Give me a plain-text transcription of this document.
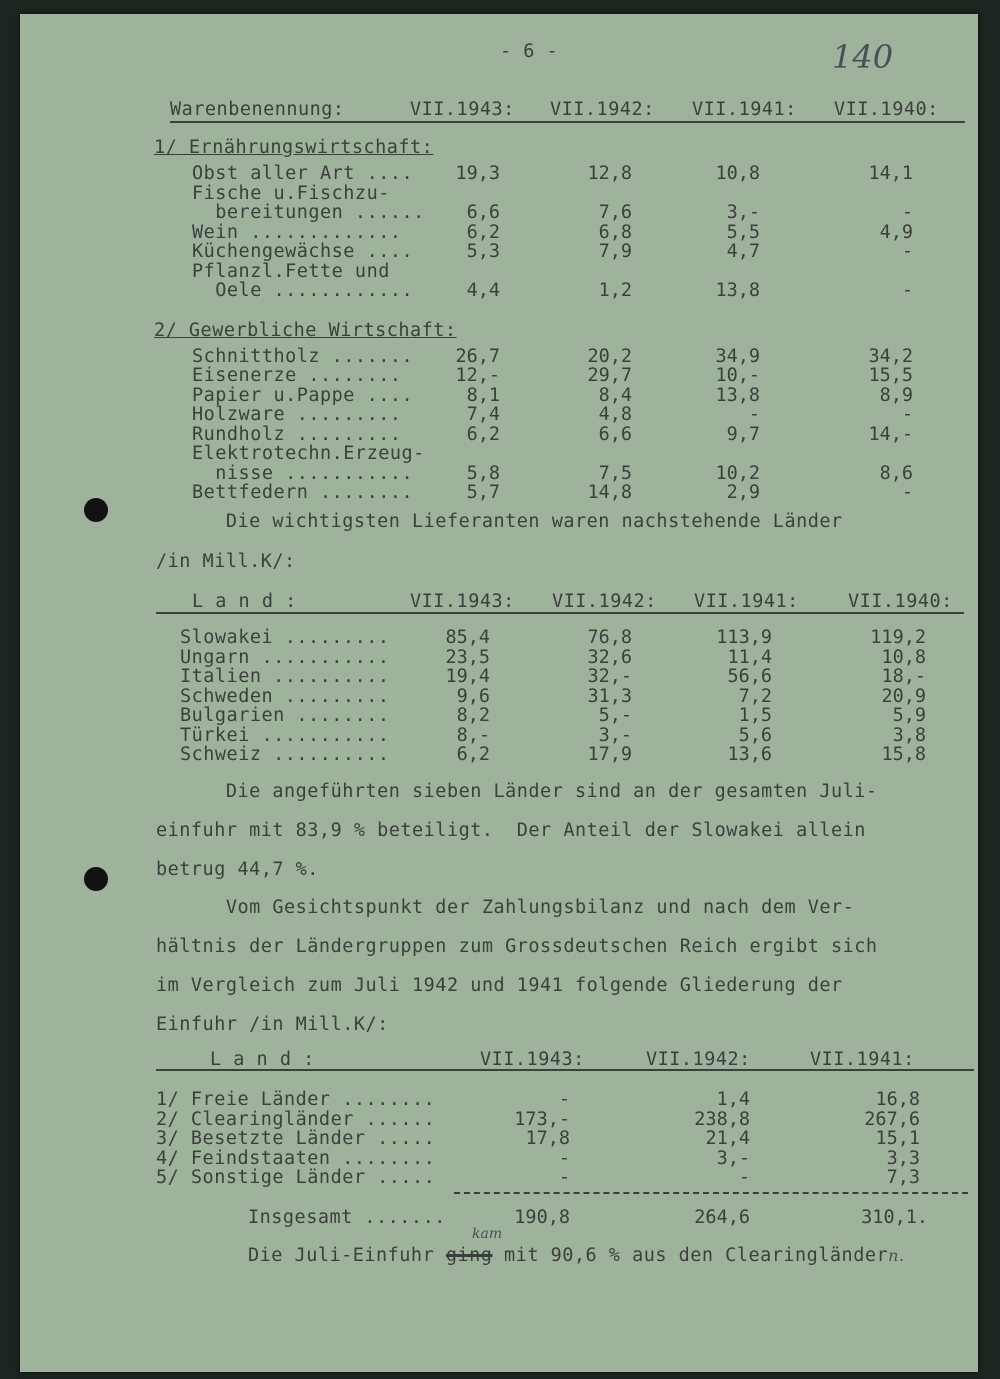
- 6 -	140
Warenbenennung:	VII.1943: VII.1942: VII.1941: VII.1940:
1/ Ernährungswirtschaft:
Obst aller Art ....	19,3	12,8	10,8	14,1
Fische u.Fischzu-
bereitungen ......	6,6	7,6	3,-	-
Wein .............	6,2	6,8	5,5	4,9
Küchengewächse ....	5,3	7,9	4,7	-
Pflanzl.Fette und
Oele ............	4,4	1,2	13,8	-
2/ Gewerbliche Wirtschaft:
Schnittholz .......	26,7	20,2	34,9	34,2
Eisenerze ........	12,-	29,7	10,-	15,5
Papier u.Pappe ....	8,1	8,4	13,8	8,9
Holzware .........	7,4	4,8	-	-
Rundholz .........	6,2	6,6	9,7	14,-
Elektrotechn.Erzeug-
nisse ...........	5,8	7,5	10,2	8,6
Bettfedern ........	5,7	14,8	2,9	-
Die wichtigsten Lieferanten waren nachstehende Länder
/in Mill.K/:
L a n d :	VII.1943: VII.1942: VII.1941:	VII.1940:
Slowakei .........	85,4	76,8	113,9	119,2
Ungarn ...........	23,5	32,6	11,4	10,8
Italien ..........	19,4	32,-	56,6	18,-
Schweden .........	9,6	31,3	7,2	20,9
Bulgarien ........	8,2	5,-	1,5	5,9
Türkei ...........	8,-	3,-	5,6	3,8
Schweiz ..........	6,2	17,9	13,6	15,8
Die angeführten sieben Länder sind an der gesamten Juli-
einfuhr mit 83,9 % beteiligt.  Der Anteil der Slowakei allein
betrug 44,7 %.
Vom Gesichtspunkt der Zahlungsbilanz und nach dem Ver-
hältnis der Ländergruppen zum Grossdeutschen Reich ergibt sich
im Vergleich zum Juli 1942 und 1941 folgende Gliederung der
Einfuhr /in Mill.K/:
L a n d :	VII.1943:	VII.1942:	VII.1941:
1/ Freie Länder ........	-	1,4	16,8
2/ Clearingländer ......	173,-	238,8	267,6
3/ Besetzte Länder .....	17,8	21,4	15,1
4/ Feindstaaten ........	-	3,-	3,3
5/ Sonstige Länder .....	-	-	7,3
Insgesamt .......	190,8	264,6	310,1.
Die Juli-Einfuhr ging mit 90,6 % aus den Clearingländern.
kam
